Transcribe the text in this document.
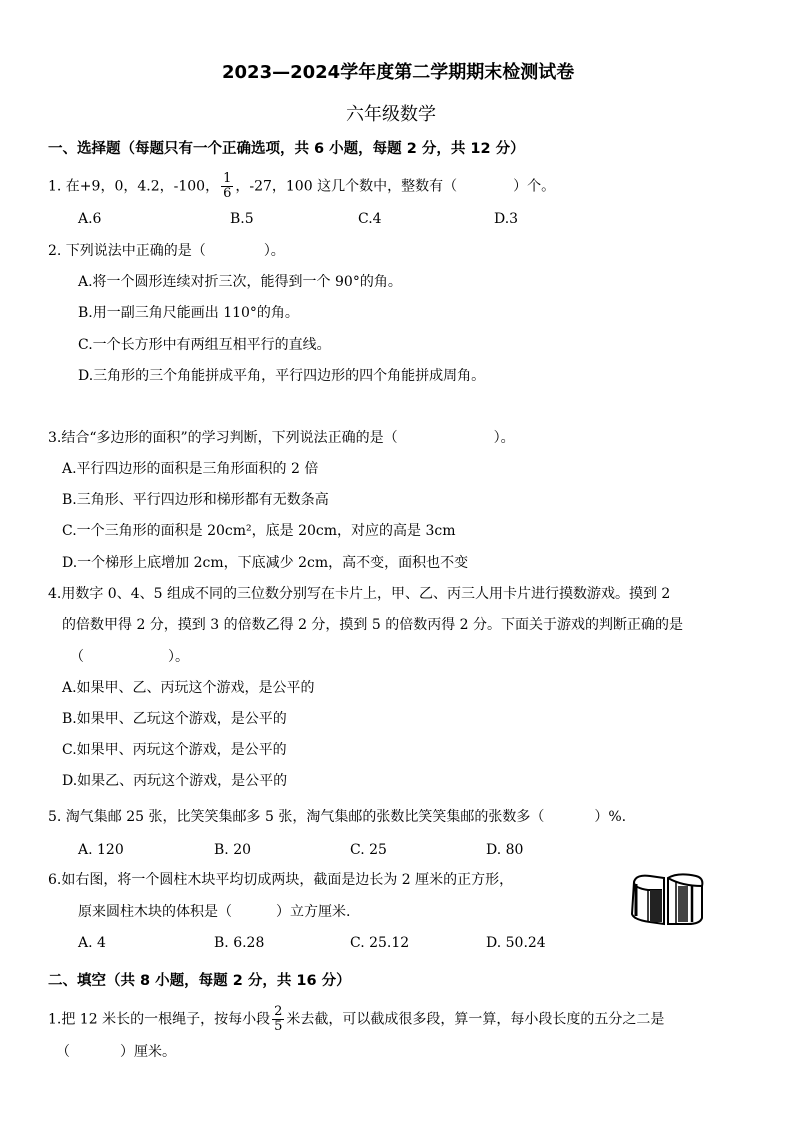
2023—2024学年度第二学期期末检测试卷
六年级数学
一、选择题（每题只有一个正确选项，共 6 小题，每题 2 分，共 12 分）
1. 在+9，0，4.2，-100， $\frac{1}{6}$ ，-27，100 这几个数中，整数有（	）个。
A.6	B.5	C.4	D.3
2. 下列说法中正确的是（	）。
A.将一个圆形连续对折三次，能得到一个 90°的角。
B.用一副三角尺能画出 110°的角。
C.一个长方形中有两组互相平行的直线。
D.三角形的三个角能拼成平角，平行四边形的四个角能拼成周角。
3.结合“多边形的面积”的学习判断，下列说法正确的是（	）。
A.平行四边形的面积是三角形面积的 2 倍
B.三角形、平行四边形和梯形都有无数条高
C.一个三角形的面积是 20cm²，底是 20cm，对应的高是 3cm
D.一个梯形上底增加 2cm，下底减少 2cm，高不变，面积也不变
4.用数字 0、4、5 组成不同的三位数分别写在卡片上，甲、乙、丙三人用卡片进行摸数游戏。摸到 2
的倍数甲得 2 分，摸到 3 的倍数乙得 2 分，摸到 5 的倍数丙得 2 分。下面关于游戏的判断正确的是
（	）。
A.如果甲、乙、丙玩这个游戏，是公平的
B.如果甲、乙玩这个游戏，是公平的
C.如果甲、丙玩这个游戏，是公平的
D.如果乙、丙玩这个游戏，是公平的
5. 淘气集邮 25 张，比笑笑集邮多 5 张，淘气集邮的张数比笑笑集邮的张数多（	）%.
A. 120	B. 20	C. 25	D. 80
6.如右图，将一个圆柱木块平均切成两块，截面是边长为 2 厘米的正方形，
原来圆柱木块的体积是（	）立方厘米.
A. 4	B. 6.28	C. 25.12	D. 50.24
二、填空（共 8 小题，每题 2 分，共 16 分）
1.把 12 米长的一根绳子，按每小段 $\frac{2}{5}$ 米去截，可以截成很多段，算一算，每小段长度的五分之二是
（	）厘米。
